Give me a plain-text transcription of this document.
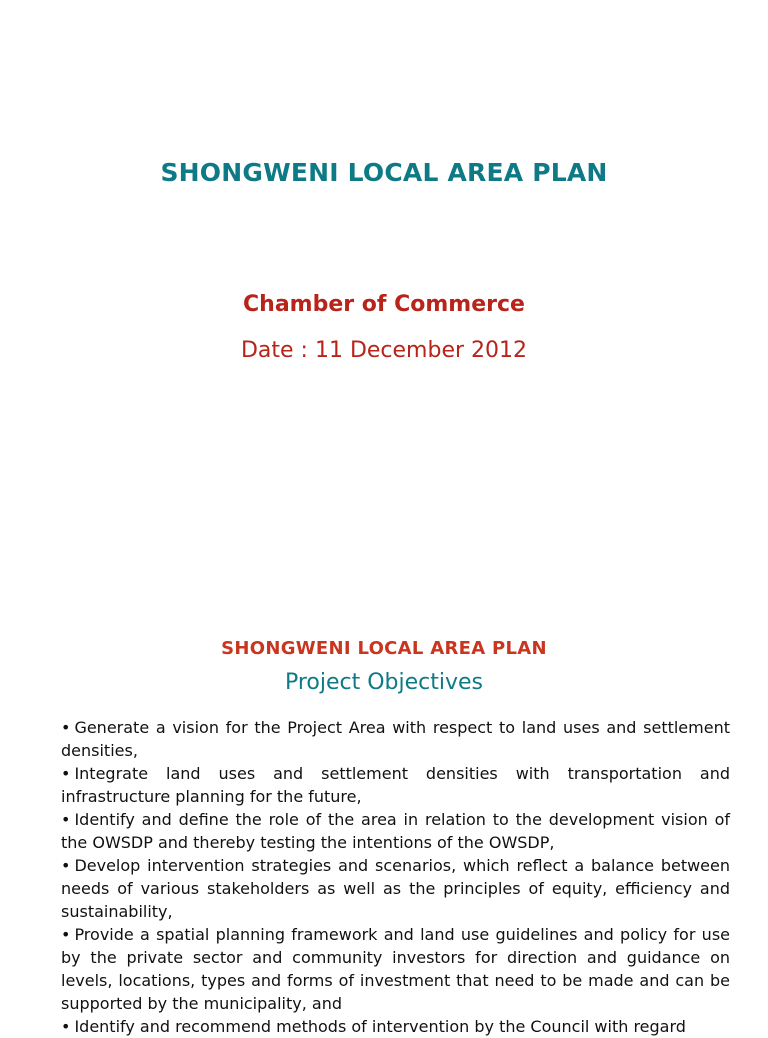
SHONGWENI LOCAL AREA PLAN
Chamber of Commerce
Date : 11 December 2012
SHONGWENI LOCAL AREA PLAN
Project Objectives
• Generate a vision for the Project Area with respect to land uses and settlement densities,
• Integrate land uses and settlement densities with transportation and infrastructure planning for the future,
• Identify and define the role of the area in relation to the development vision of the OWSDP and thereby testing the intentions of the OWSDP,
• Develop intervention strategies and scenarios, which reflect a balance between needs of various stakeholders as well as the principles of equity, efficiency and sustainability,
• Provide a spatial planning framework and land use guidelines and policy for use by the private sector and community investors for direction and guidance on levels, locations, types and forms of investment that need to be made and can be supported by the municipality, and
• Identify and recommend methods of intervention by the Council with regard
